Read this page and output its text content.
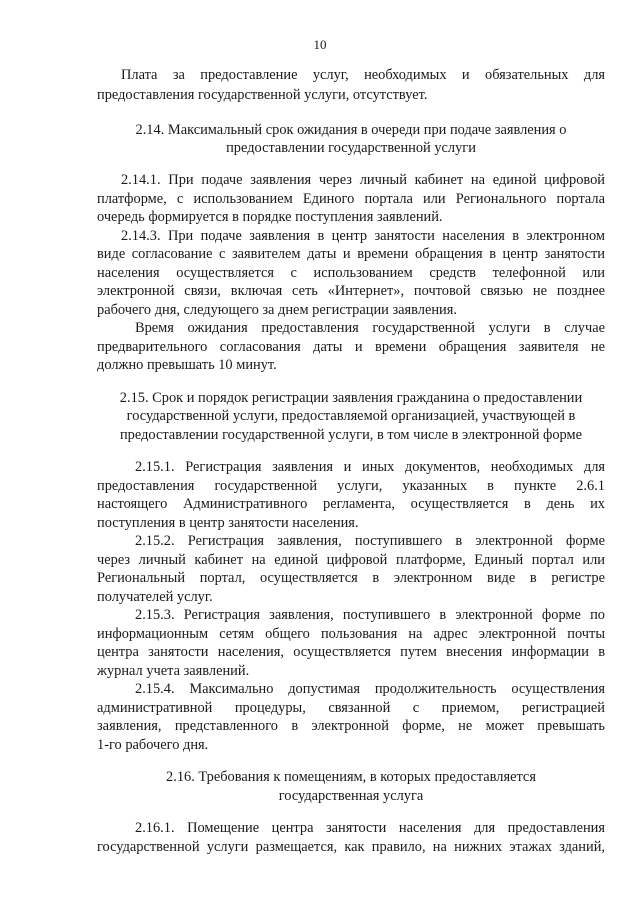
10
Плата за предоставление услуг, необходимых и обязательных для
предоставления государственной услуги, отсутствует.
2.14. Максимальный срок ожидания в очереди при подаче заявления о
предоставлении государственной услуги
2.14.1. При подаче заявления через личный кабинет на единой цифровой
платформе, с использованием Единого портала или Регионального портала
очередь формируется в порядке поступления заявлений.
2.14.3. При подаче заявления в центр занятости населения в электронном
виде согласование с заявителем даты и времени обращения в центр занятости
населения осуществляется с использованием средств телефонной или
электронной связи, включая сеть «Интернет», почтовой связью не позднее
рабочего дня, следующего за днем регистрации заявления.
Время ожидания предоставления государственной услуги в случае
предварительного согласования даты и времени обращения заявителя не
должно превышать 10 минут.
2.15. Срок и порядок регистрации заявления гражданина о предоставлении
государственной услуги, предоставляемой организацией, участвующей в
предоставлении государственной услуги, в том числе в электронной форме
2.15.1. Регистрация заявления и иных документов, необходимых для
предоставления государственной услуги, указанных в пункте 2.6.1
настоящего Административного регламента, осуществляется в день их
поступления в центр занятости населения.
2.15.2. Регистрация заявления, поступившего в электронной форме
через личный кабинет на единой цифровой платформе, Единый портал или
Региональный портал, осуществляется в электронном виде в регистре
получателей услуг.
2.15.3. Регистрация заявления, поступившего в электронной форме по
информационным сетям общего пользования на адрес электронной почты
центра занятости населения, осуществляется путем внесения информации в
журнал учета заявлений.
2.15.4. Максимально допустимая продолжительность осуществления
административной процедуры, связанной с приемом, регистрацией
заявления, представленного в электронной форме, не может превышать
1-го рабочего дня.
2.16. Требования к помещениям, в которых предоставляется
государственная услуга
2.16.1. Помещение центра занятости населения для предоставления
государственной услуги размещается, как правило, на нижних этажах зданий,
